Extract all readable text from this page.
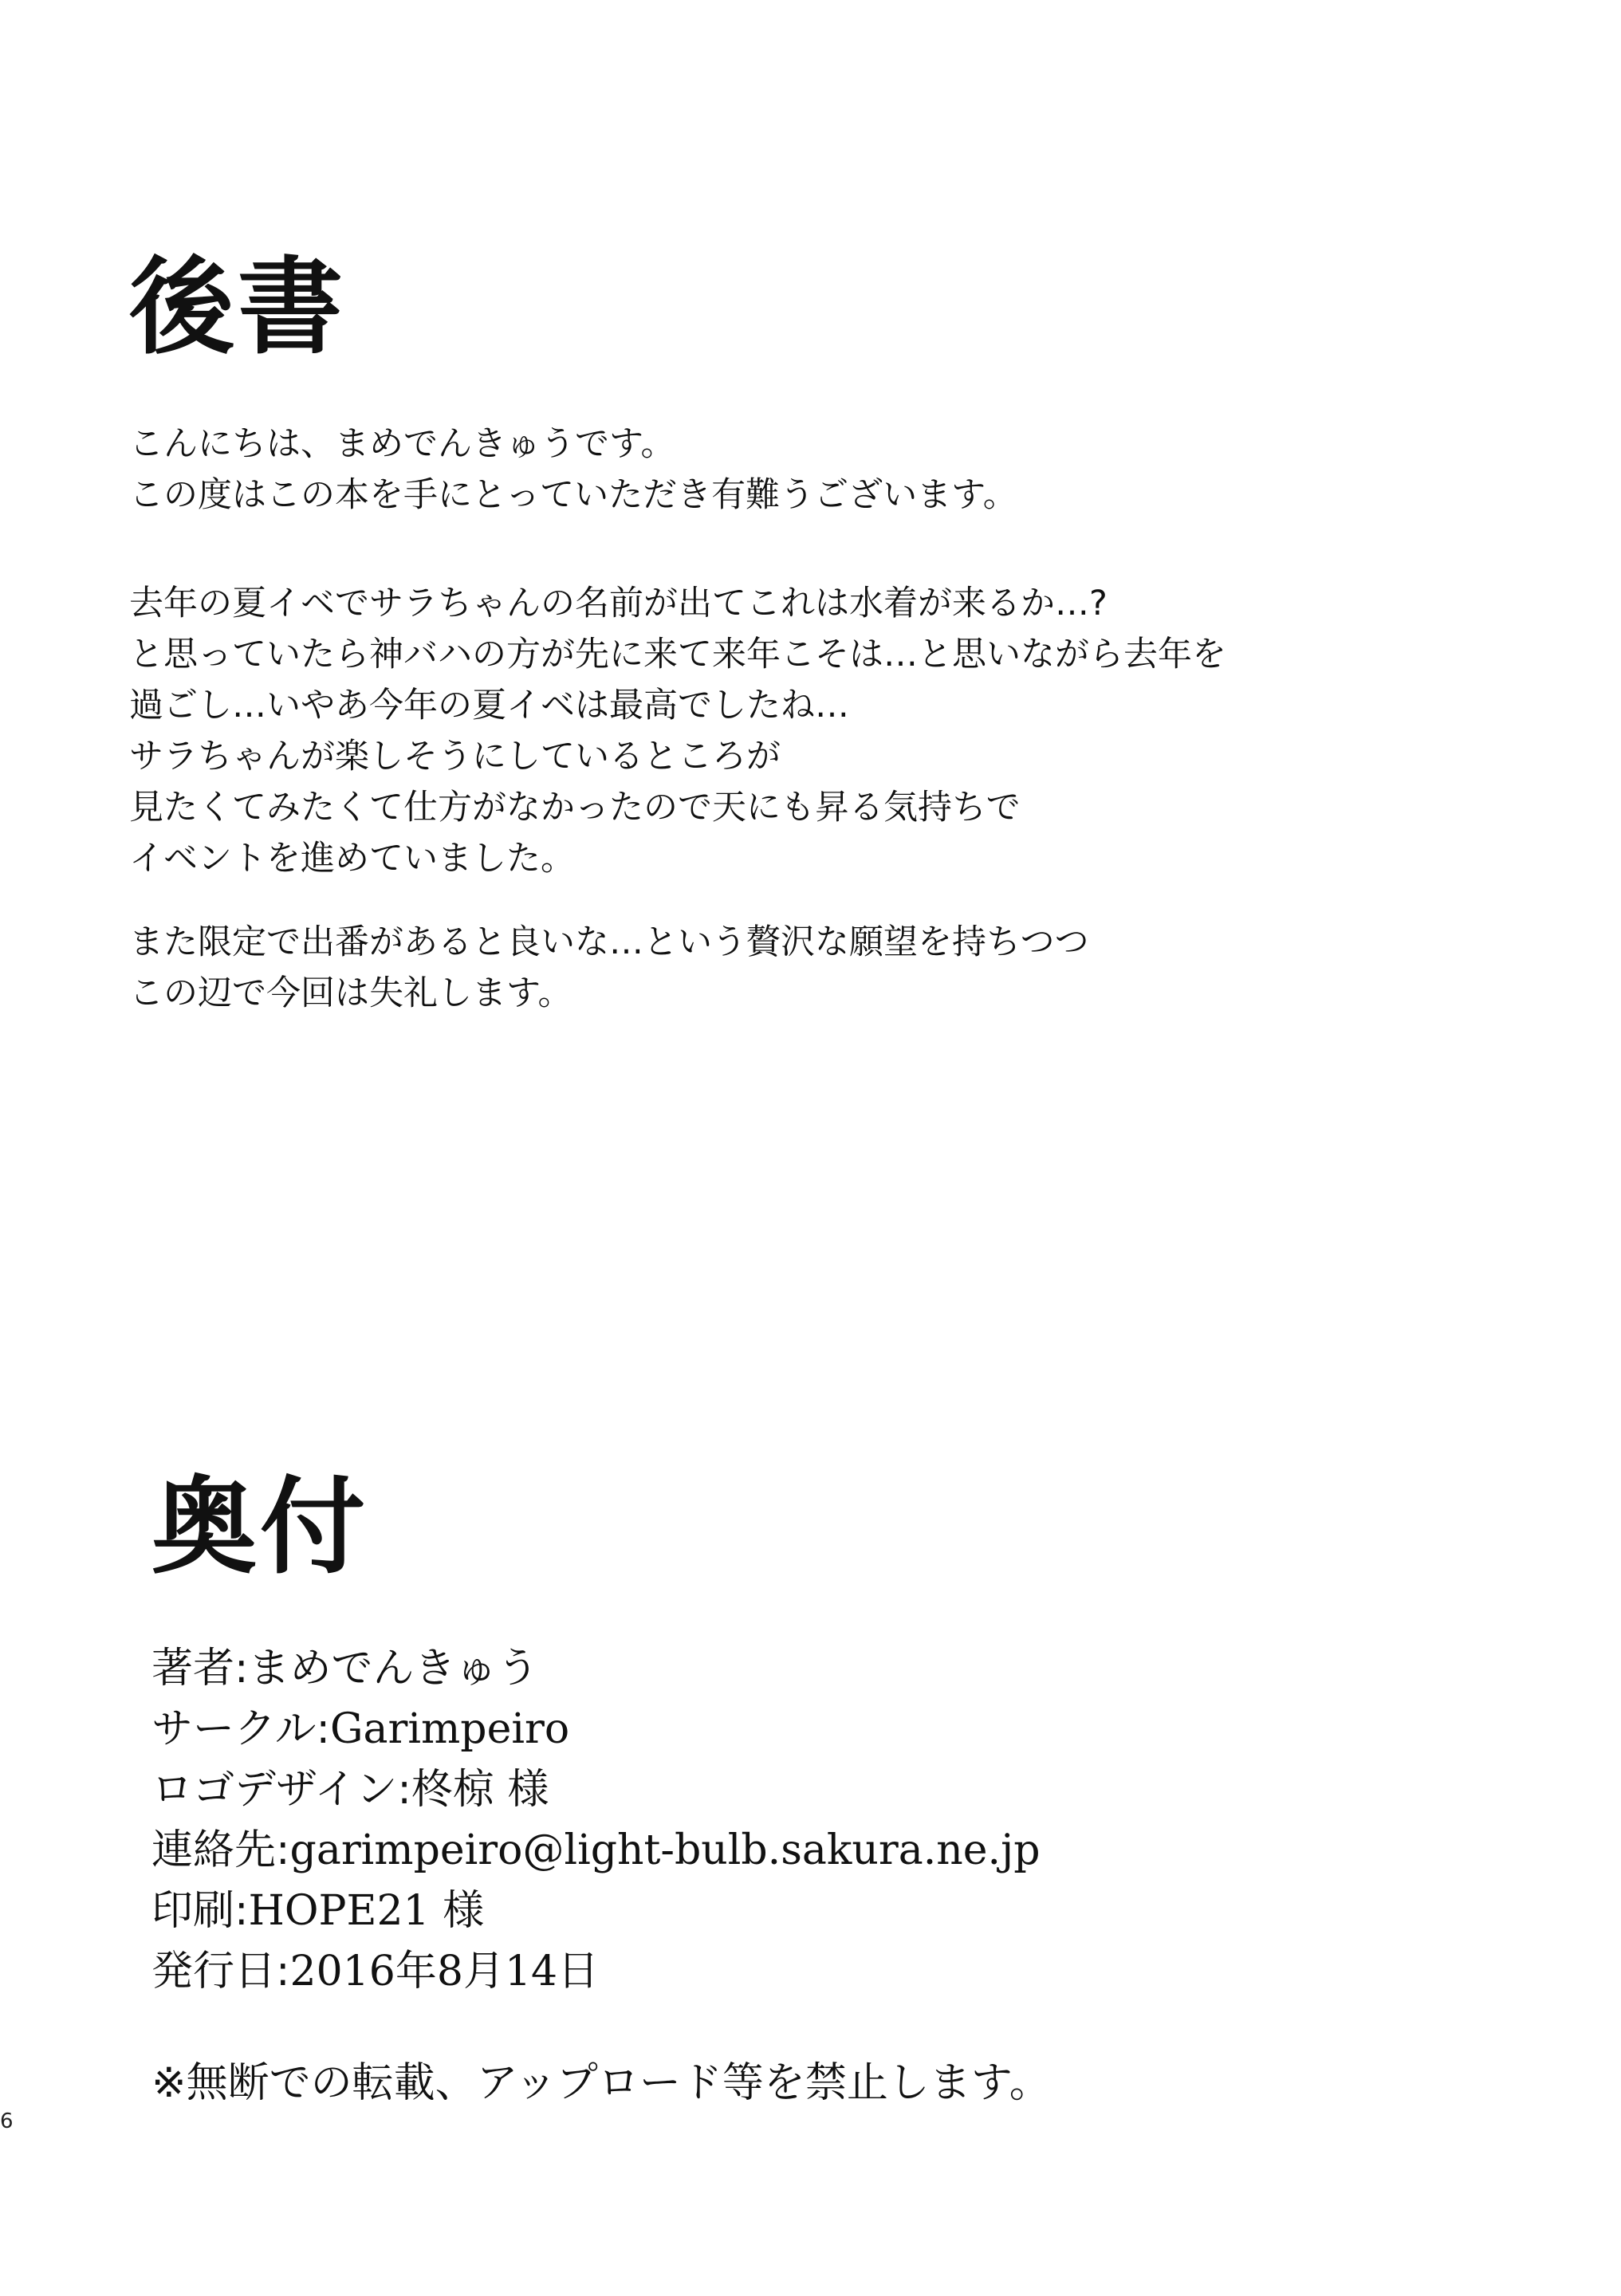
後書

こんにちは、まめでんきゅうです。
この度はこの本を手にとっていただき有難うございます。

去年の夏イベでサラちゃんの名前が出てこれは水着が来るか…?
と思っていたら神バハの方が先に来て来年こそは…と思いながら去年を
過ごし…いやあ今年の夏イベは最高でしたね…
サラちゃんが楽しそうにしているところが
見たくてみたくて仕方がなかったので天にも昇る気持ちで
イベントを進めていました。

また限定で出番があると良いな…という贅沢な願望を持ちつつ
この辺で今回は失礼します。

奥付
著者:まめでんきゅう
サークル:Garimpeiro
ロゴデザイン:柊椋 様
連絡先:garimpeiro@light-bulb.sakura.ne.jp
印刷:HOPE21 様
発行日:2016年8月14日

※無断での転載、アップロード等を禁止します。

6
